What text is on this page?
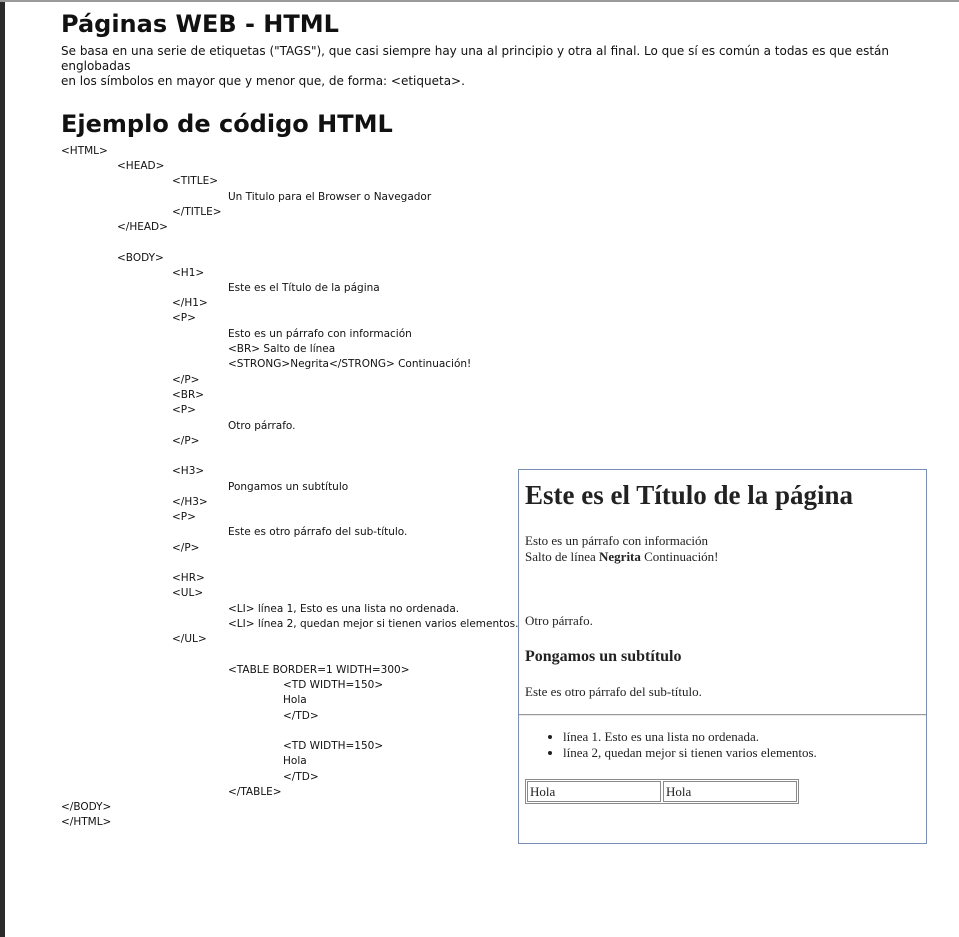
Páginas WEB - HTML

Se basa en una serie de etiquetas ("TAGS"), que casi siempre hay una al principio y otra al final. Lo que sí es común a todas es que están englobadas
en los símbolos en mayor que y menor que, de forma: <etiqueta>.

Ejemplo de código HTML

<HTML>

<HEAD>

<TITLE>

Un Titulo para el Browser o Navegador

</TITLE>

</HEAD>

<BODY>

<H1>

Este es el Título de la página

</H1>

<P>

Esto es un párrafo con información

<BR> Salto de línea

<STRONG>Negrita</STRONG> Continuación!

</P>

<BR>

<P>

Otro párrafo.

</P>

<H3>

Pongamos un subtítulo

</H3>

<P>

Este es otro párrafo del sub-título.

</P>

<HR>

<UL>

<LI> línea 1, Esto es una lista no ordenada.

<LI> línea 2, quedan mejor si tienen varios elementos.

</UL>

<TABLE BORDER=1 WIDTH=300>

<TD WIDTH=150>

Hola

</TD>

<TD WIDTH=150>

Hola

</TD>

</TABLE>

</BODY>

</HTML>

Este es el Título de la página

Esto es un párrafo con información
Salto de línea Negrita Continuación!

Otro párrafo.

Pongamos un subtítulo

Este es otro párrafo del sub-título.

• línea 1. Esto es una lista no ordenada.
• línea 2, quedan mejor si tienen varios elementos.
Hola	Hola
